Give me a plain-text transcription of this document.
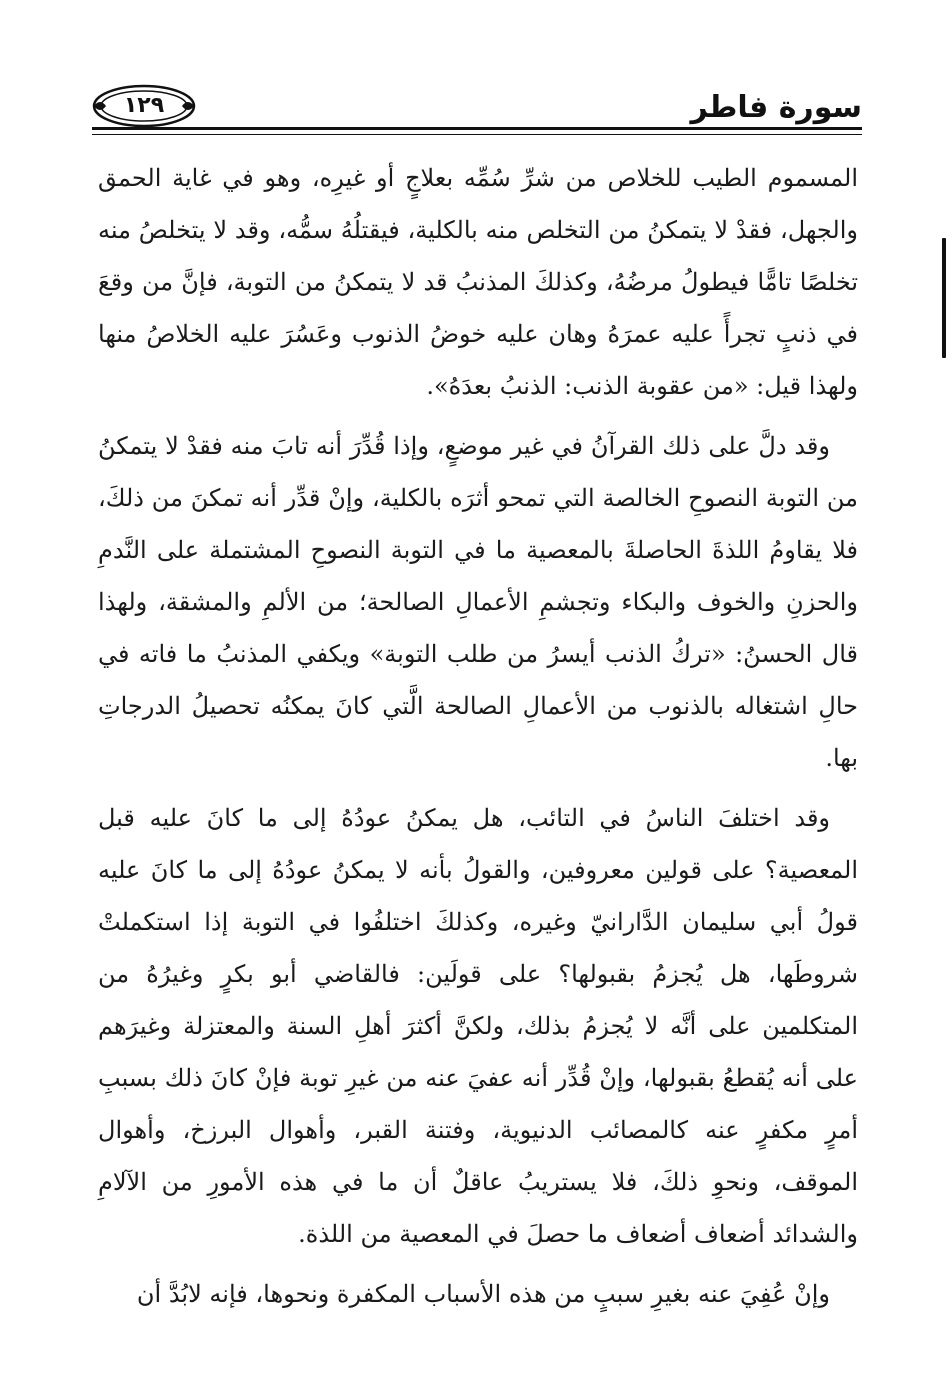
سورة فاطر
١٢٩

المسموم الطيب للخلاص من شرِّ سُمِّه بعلاجٍ أو غيرِه، وهو في غاية الحمق والجهل، فقدْ لا يتمكنُ من التخلص منه بالكلية، فيقتلُهُ سمُّه، وقد لا يتخلصُ منه تخلصًا تامًّا فيطولُ مرضُهُ، وكذلكَ المذنبُ قد لا يتمكنُ من التوبة، فإنَّ من وقعَ في ذنبٍ تجرأً عليه عمرَهُ وهان عليه خوضُ الذنوب وعَسُرَ عليه الخلاصُ منها ولهذا قيل: «من عقوبة الذنب: الذنبُ بعدَهُ».

وقد دلَّ على ذلك القرآنُ في غير موضعٍ، وإذا قُدِّرَ أنه تابَ منه فقدْ لا يتمكنُ من التوبة النصوحِ الخالصة التي تمحو أثرَه بالكلية، وإنْ قدِّر أنه تمكنَ من ذلكَ، فلا يقاومُ اللذةَ الحاصلةَ بالمعصية ما في التوبة النصوحِ المشتملة على النَّدمِ والحزنِ والخوف والبكاء وتجشمِ الأعمالِ الصالحة؛ من الألمِ والمشقة، ولهذا قال الحسنُ: «تركُ الذنب أيسرُ من طلب التوبة» ويكفي المذنبُ ما فاته في حالِ اشتغاله بالذنوب من الأعمالِ الصالحة الَّتي كانَ يمكنُه تحصيلُ الدرجاتِ بها.

وقد اختلفَ الناسُ في التائب، هل يمكنُ عودُهُ إلى ما كانَ عليه قبل المعصية؟ على قولين معروفين، والقولُ بأنه لا يمكنُ عودُهُ إلى ما كانَ عليه قولُ أبي سليمان الدَّارانيّ وغيره، وكذلكَ اختلفُوا في التوبة إذا استكملتْ شروطَها، هل يُجزمُ بقبولها؟ على قولَين: فالقاضي أبو بكرٍ وغيرُهُ من المتكلمين على أنَّه لا يُجزمُ بذلك، ولكنَّ أكثرَ أهلِ السنة والمعتزلة وغيرَهم على أنه يُقطعُ بقبولها، وإنْ قُدِّر أنه عفيَ عنه من غيرِ توبة فإنْ كانَ ذلك بسببِ أمرٍ مكفرٍ عنه كالمصائب الدنيوية، وفتنة القبر، وأهوال البرزخ، وأهوال الموقف، ونحوِ ذلكَ، فلا يستريبُ عاقلٌ أن ما في هذه الأمورِ من الآلامِ والشدائد أضعاف أضعاف ما حصلَ في المعصية من اللذة.

وإنْ عُفِيَ عنه بغيرِ سببٍ من هذه الأسباب المكفرة ونحوها، فإنه لابُدَّ أن
